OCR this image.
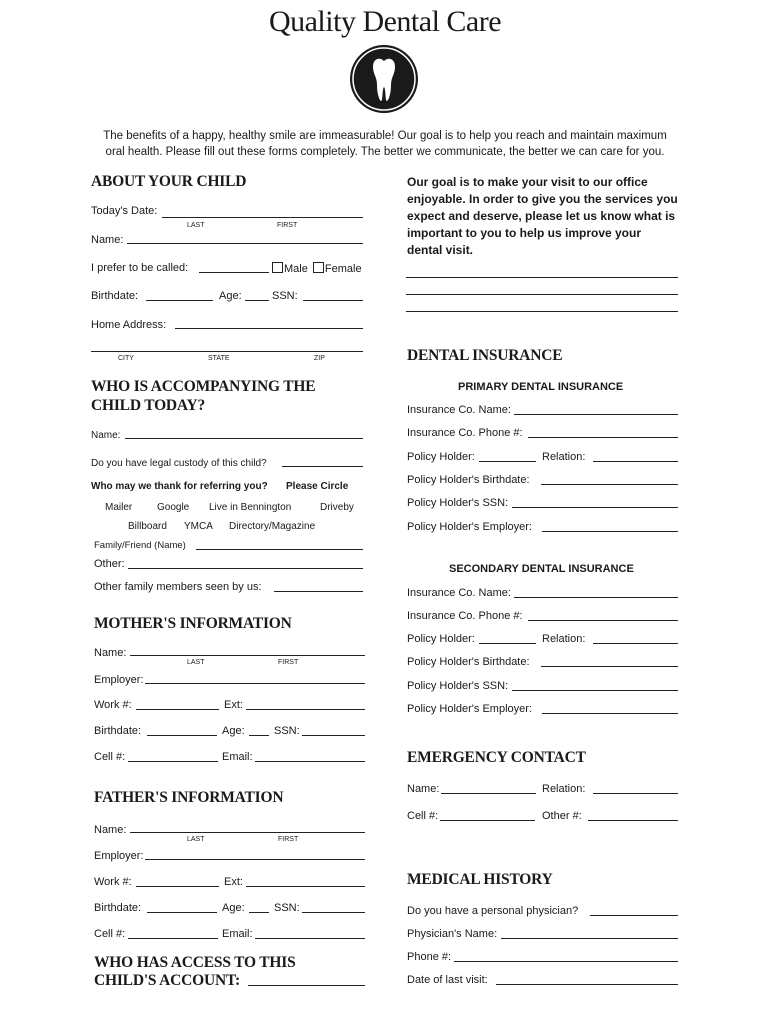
Quality Dental Care
The benefits of a happy, healthy smile are immeasurable! Our goal is to help you reach and maintain maximum
oral health. Please fill out these forms completely. The better we communicate, the better we can care for you.
ABOUT YOUR CHILD
Today's Date:
LAST	FIRST
Name:
I prefer to be called:	Male Female
Birthdate:	Age:	SSN:
Home Address:
CITY	STATE	ZIP
WHO IS ACCOMPANYING THE
CHILD TODAY?
Name:
Do you have legal custody of this child?
Who may we thank for referring you? Please Circle
Mailer Google Live in Bennington	Driveby
Billboard YMCA Directory/Magazine
Family/Friend (Name)
Other:
Other family members seen by us:
MOTHER'S INFORMATION
Name:
LAST	FIRST
Employer:
Work #:	Ext:
Birthdate:	Age:	SSN:
Cell #:	Email:
FATHER'S INFORMATION
Name:
LAST	FIRST
Employer:
Work #:	Ext:
Birthdate:	Age:	SSN:
Cell #:	Email:
WHO HAS ACCESS TO THIS
CHILD'S ACCOUNT:
Our goal is to make your visit to our office enjoyable. In order to give you the services you expect and deserve, please let us know what is important to you to help us improve your dental visit.
DENTAL INSURANCE
PRIMARY DENTAL INSURANCE
Insurance Co. Name:
Insurance Co. Phone #:
Policy Holder:	Relation:
Policy Holder's Birthdate:
Policy Holder's SSN:
Policy Holder's Employer:
SECONDARY DENTAL INSURANCE
Insurance Co. Name:
Insurance Co. Phone #:
Policy Holder:	Relation:
Policy Holder's Birthdate:
Policy Holder's SSN:
Policy Holder's Employer:
EMERGENCY CONTACT
Name:	Relation:
Cell #:	Other #:
MEDICAL HISTORY
Do you have a personal physician?
Physician's Name:
Phone #:
Date of last visit:
